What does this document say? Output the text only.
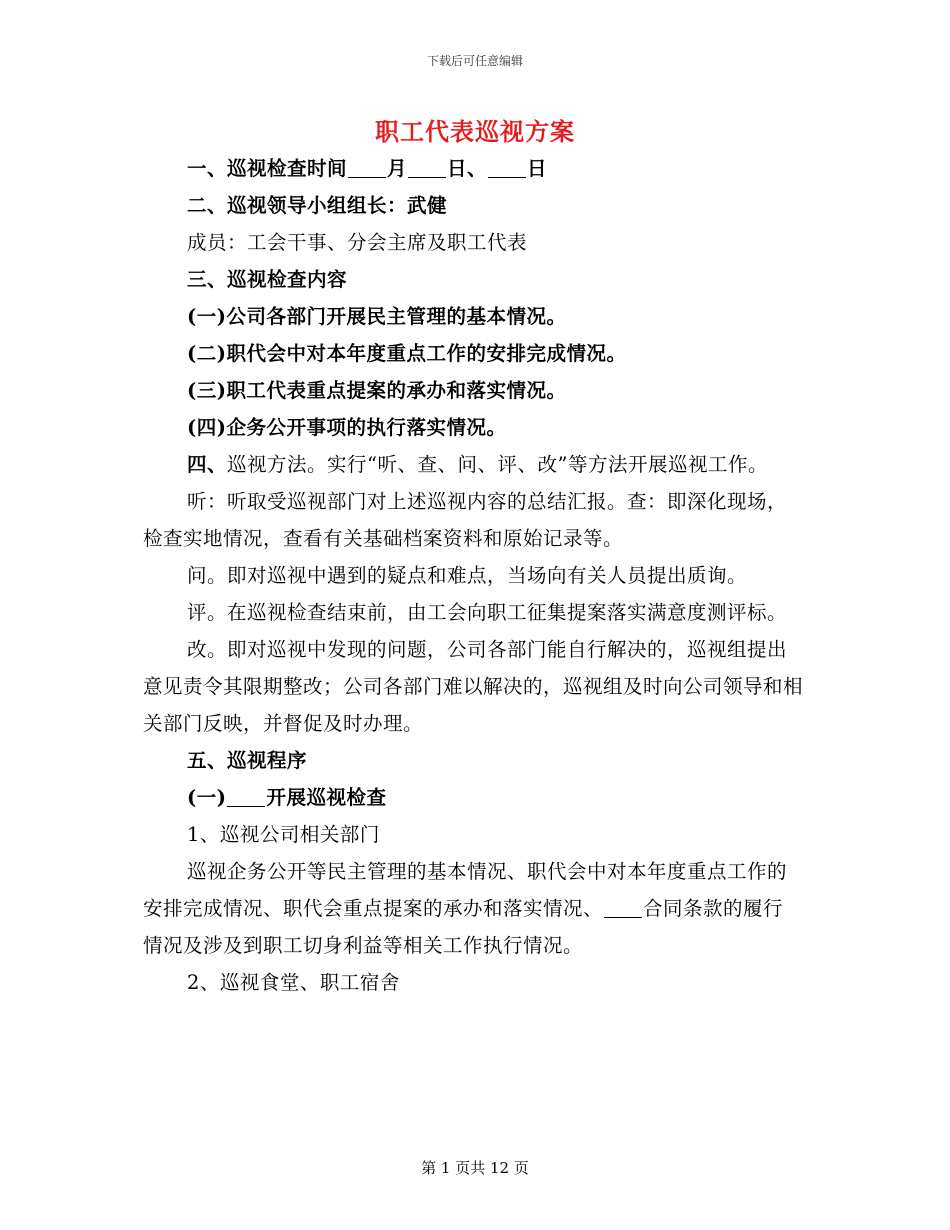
下载后可任意编辑
职工代表巡视方案

一、巡视检查时间 月 日、 日

二、巡视领导小组组长：武健

成员：工会干事、分会主席及职工代表

三、巡视检查内容

(一)公司各部门开展民主管理的基本情况。

(二)职代会中对本年度重点工作的安排完成情况。

(三)职工代表重点提案的承办和落实情况。

(四)企务公开事项的执行落实情况。

四、巡视方法。实行“听、查、问、评、改”等方法开展巡视工作。

听：听取受巡视部门对上述巡视内容的总结汇报。查：即深化现场，检查实地情况，查看有关基础档案资料和原始记录等。

问。即对巡视中遇到的疑点和难点，当场向有关人员提出质询。

评。在巡视检查结束前，由工会向职工征集提案落实满意度测评标。

改。即对巡视中发现的问题，公司各部门能自行解决的，巡视组提出意见责令其限期整改；公司各部门难以解决的，巡视组及时向公司领导和相关部门反映，并督促及时办理。

五、巡视程序

(一) 开展巡视检查

1、巡视公司相关部门

巡视企务公开等民主管理的基本情况、职代会中对本年度重点工作的安排完成情况、职代会重点提案的承办和落实情况、 合同条款的履行情况及涉及到职工切身利益等相关工作执行情况。

2、巡视食堂、职工宿舍

第 1 页共 12 页
